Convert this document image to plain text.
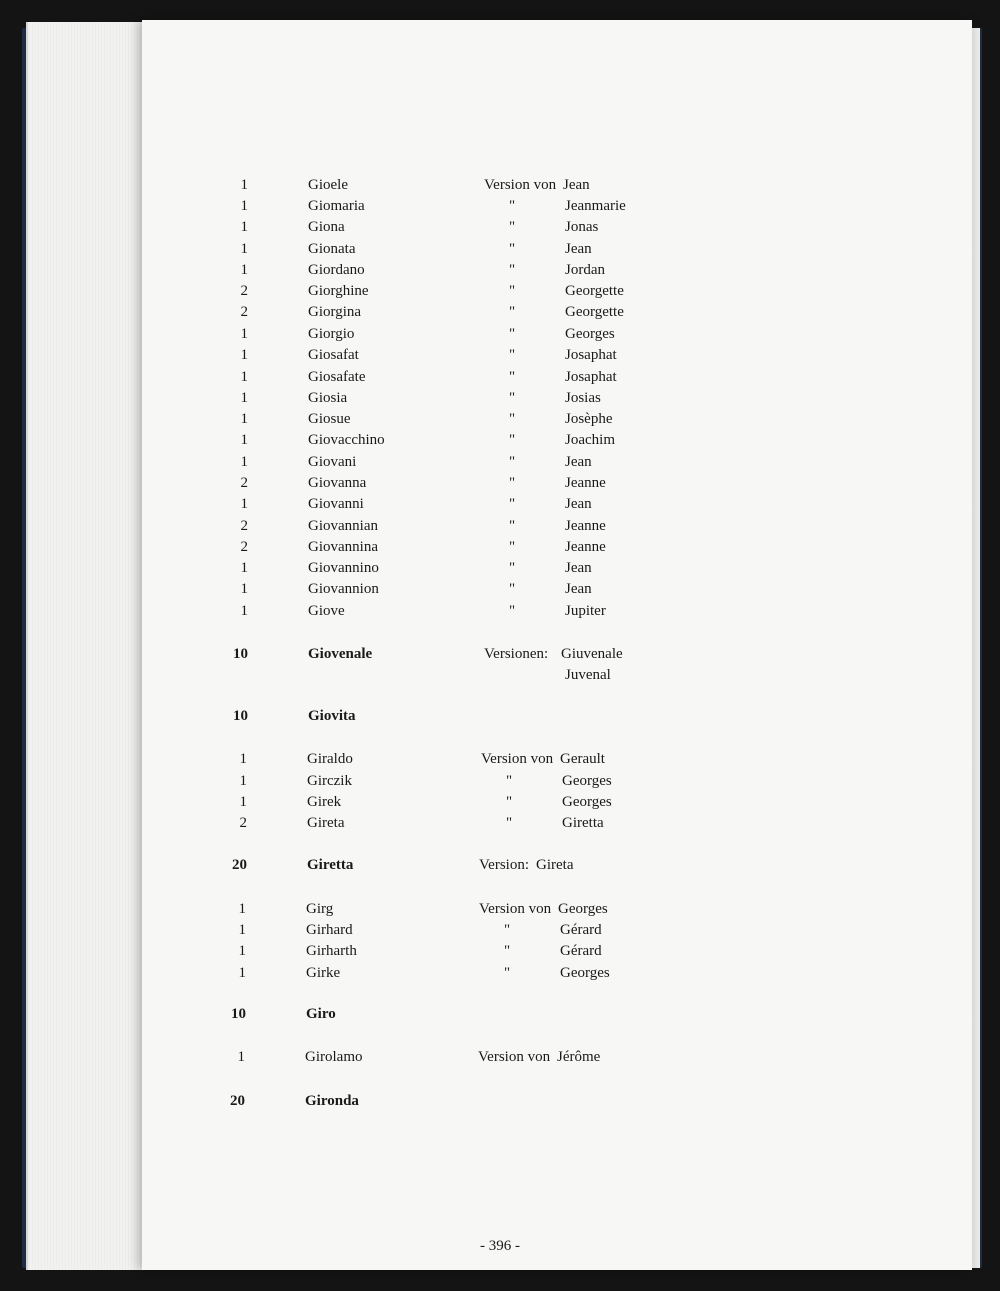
1	Gioele	Version von Jean
1	Giomaria	"	Jeanmarie
1	Giona	"	Jonas
1	Gionata	"	Jean
1	Giordano	"	Jordan
2	Giorghine	"	Georgette
2	Giorgina	"	Georgette
1	Giorgio	"	Georges
1	Giosafat	"	Josaphat
1	Giosafate	"	Josaphat
1	Giosia	"	Josias
1	Giosue	"	Josèphe
1	Giovacchino	"	Joachim
1	Giovani	"	Jean
2	Giovanna	"	Jeanne
1	Giovanni	"	Jean
2	Giovannian	"	Jeanne
2	Giovannina	"	Jeanne
1	Giovannino	"	Jean
1	Giovannion	"	Jean
1	Giove	"	Jupiter
10	Giovenale	Versionen: Giuvenale
Juvenal
10	Giovita
1	Giraldo	Version von Gerault
1	Girczik	"	Georges
1	Girek	"	Georges
2	Gireta	"	Giretta
20	Giretta	Version: Gireta
1	Girg	Version von Georges
1	Girhard	"	Gérard
1	Girharth	"	Gérard
1	Girke	"	Georges
10	Giro
1	Girolamo	Version von Jérôme
20	Gironda
- 396 -
